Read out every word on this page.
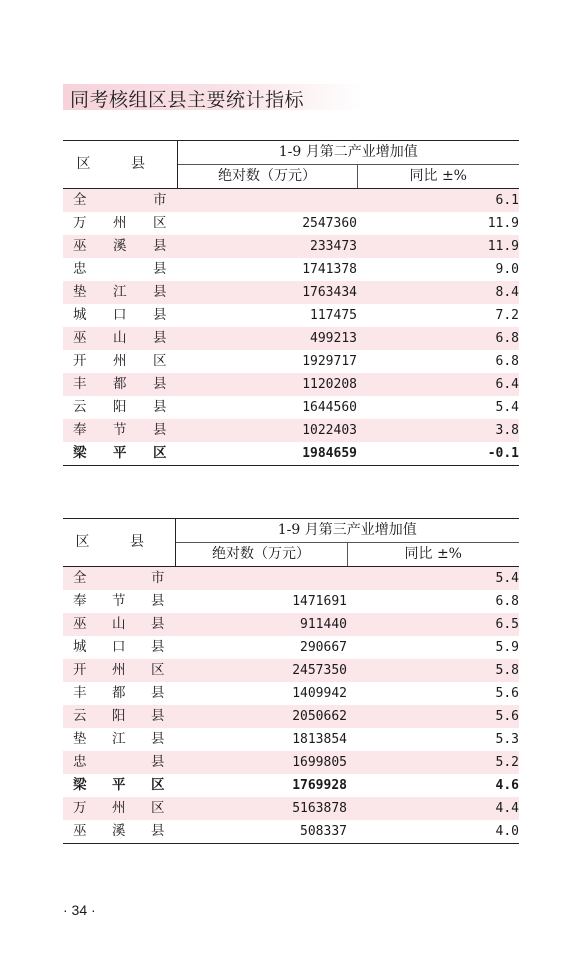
同考核组区县主要统计指标

区 县	1-9 月第二产业增加值	
	绝对数（万元）	同比 ±%

全 市		6.1

万 州 区	2547360	11.9

巫 溪 县	233473	11.9

忠 县	1741378	9.0

垫 江 县	1763434	8.4

城 口 县	117475	7.2

巫 山 县	499213	6.8

开 州 区	1929717	6.8

丰 都 县	1120208	6.4

云 阳 县	1644560	5.4

奉 节 县	1022403	3.8

梁 平 区	1984659	-0.1

区 县	1-9 月第三产业增加值	
	绝对数（万元）	同比 ±%

全 市		5.4

奉 节 县	1471691	6.8

巫 山 县	911440	6.5

城 口 县	290667	5.9

开 州 区	2457350	5.8

丰 都 县	1409942	5.6

云 阳 县	2050662	5.6

垫 江 县	1813854	5.3

忠 县	1699805	5.2

梁 平 区	1769928	4.6

万 州 区	5163878	4.4

巫 溪 县	508337	4.0
· 34 ·
